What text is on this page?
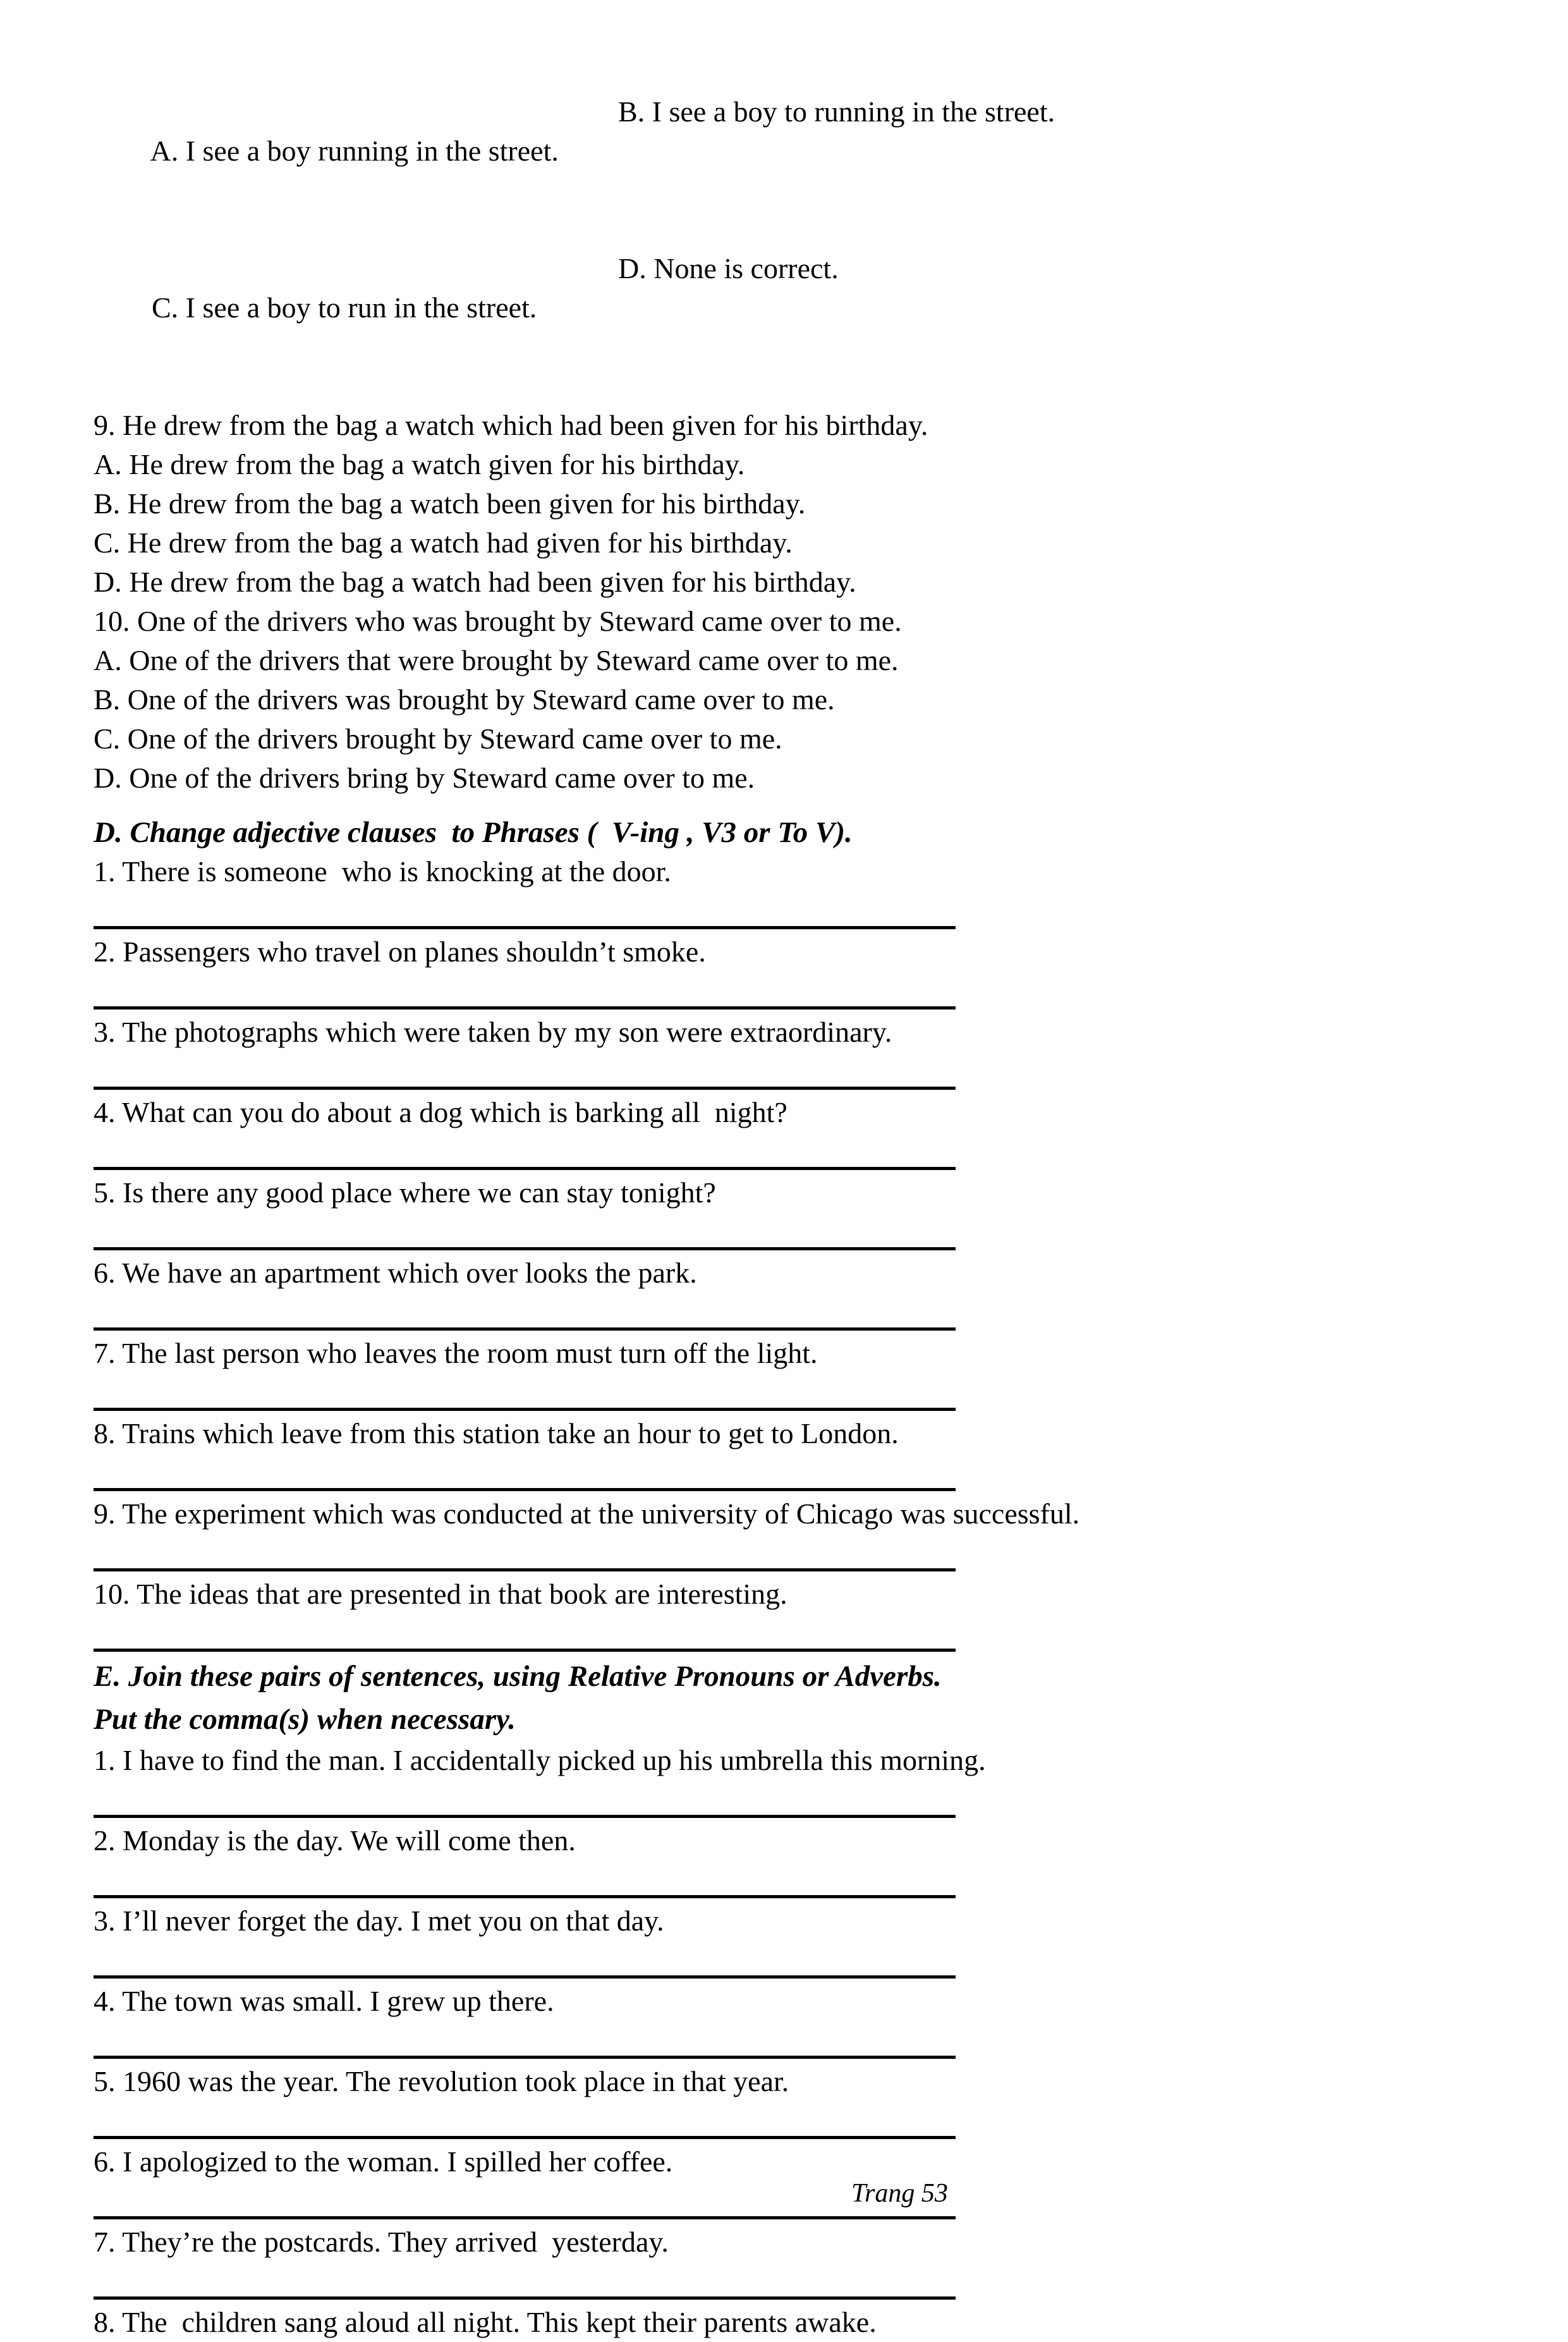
A. I see a boy running in the street.

B. I see a boy to running in the street.

C. I see a boy to run in the street.

D. None is correct.

9. He drew from the bag a watch which had been given for his birthday.
A. He drew from the bag a watch given for his birthday.
B. He drew from the bag a watch been given for his birthday.
C. He drew from the bag a watch had given for his birthday.
D. He drew from the bag a watch had been given for his birthday.
10. One of the drivers who was brought by Steward came over to me.
A. One of the drivers that were brought by Steward came over to me.
B. One of the drivers was brought by Steward came over to me.
C. One of the drivers brought by Steward came over to me.
D. One of the drivers bring by Steward came over to me.
D. Change adjective clauses  to Phrases (  V-ing , V3 or To V).
1. There is someone  who is knocking at the door.
2. Passengers who travel on planes shouldn’t smoke.
3. The photographs which were taken by my son were extraordinary.
4. What can you do about a dog which is barking all  night?
5. Is there any good place where we can stay tonight?
6. We have an apartment which over looks the park.
7. The last person who leaves the room must turn off the light.
8. Trains which leave from this station take an hour to get to London.
9. The experiment which was conducted at the university of Chicago was successful.
10. The ideas that are presented in that book are interesting.
E. Join these pairs of sentences, using Relative Pronouns or Adverbs.
Put the comma(s) when necessary.
1. I have to find the man. I accidentally picked up his umbrella this morning.
2. Monday is the day. We will come then.
3. I’ll never forget the day. I met you on that day.
4. The town was small. I grew up there.
5. 1960 was the year. The revolution took place in that year.
6. I apologized to the woman. I spilled her coffee.
7. They’re the postcards. They arrived  yesterday.
8. The  children sang aloud all night. This kept their parents awake.
Trang 53
